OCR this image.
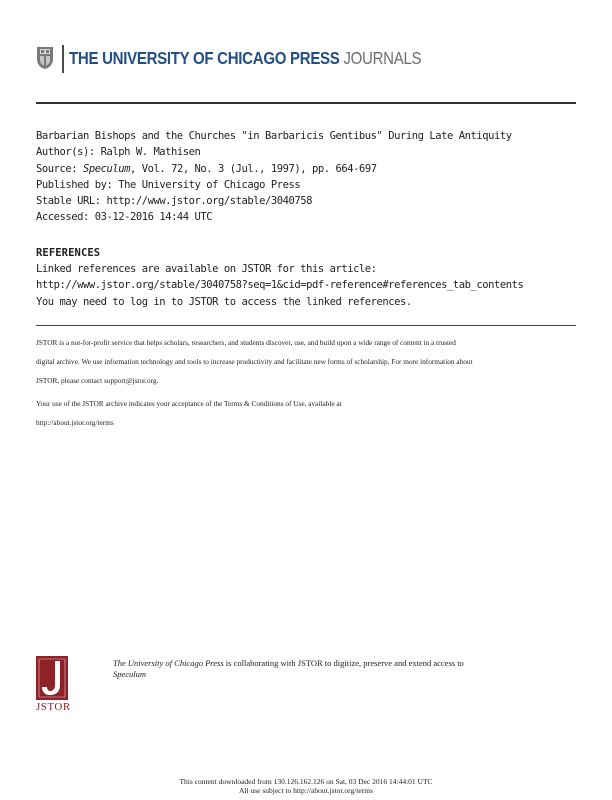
THE UNIVERSITY OF CHICAGO PRESS JOURNALS
Barbarian Bishops and the Churches "in Barbaricis Gentibus" During Late Antiquity
Author(s): Ralph W. Mathisen
Source: Speculum, Vol. 72, No. 3 (Jul., 1997), pp. 664-697
Published by: The University of Chicago Press
Stable URL: http://www.jstor.org/stable/3040758
Accessed: 03-12-2016 14:44 UTC
REFERENCES
Linked references are available on JSTOR for this article:
http://www.jstor.org/stable/3040758?seq=1&cid=pdf-reference#references_tab_contents
You may need to log in to JSTOR to access the linked references.
JSTOR is a not-for-profit service that helps scholars, researchers, and students discover, use, and build upon a wide range of content in a trusted
digital archive. We use information technology and tools to increase productivity and facilitate new forms of scholarship. For more information about
JSTOR, please contact support@jstor.org.
Your use of the JSTOR archive indicates your acceptance of the Terms & Conditions of Use, available at
http://about.jstor.org/terms
JSTOR
The University of Chicago Press is collaborating with JSTOR to digitize, preserve and extend access to
Speculum
This content downloaded from 130.126.162.126 on Sat, 03 Dec 2016 14:44:01 UTC
All use subject to http://about.jstor.org/terms
